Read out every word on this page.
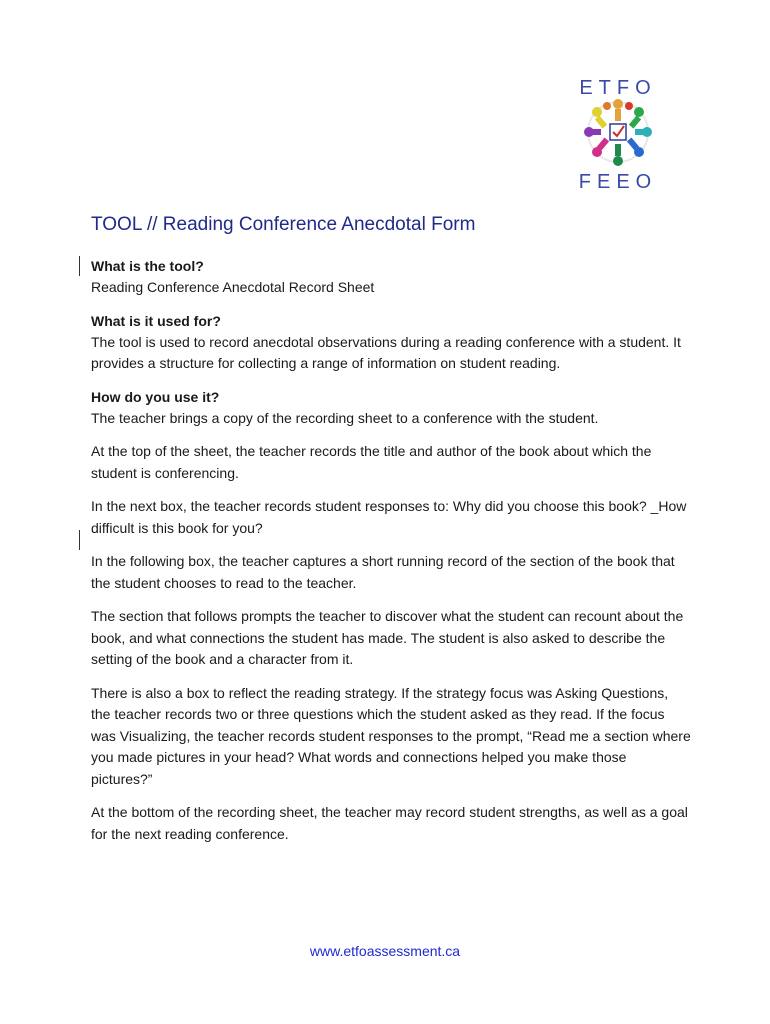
ETFO
FEEO
TOOL // Reading Conference Anecdotal Form
What is the tool?

Reading Conference Anecdotal Record Sheet

What is it used for?

The tool is used to record anecdotal observations during a reading conference with a student. It provides a structure for collecting a range of information on student reading.

How do you use it?

The teacher brings a copy of the recording sheet to a conference with the student.

At the top of the sheet, the teacher records the title and author of the book about which the student is conferencing.

In the next box, the teacher records student responses to: Why did you choose this book? _How difficult is this book for you?

In the following box, the teacher captures a short running record of the section of the book that the student chooses to read to the teacher.

The section that follows prompts the teacher to discover what the student can recount about the book, and what connections the student has made. The student is also asked to describe the setting of the book and a character from it.

There is also a box to reflect the reading strategy. If the strategy focus was Asking Questions, the teacher records two or three questions which the student asked as they read. If the focus was Visualizing, the teacher records student responses to the prompt, “Read me a section where you made pictures in your head? What words and connections helped you make those pictures?”

At the bottom of the recording sheet, the teacher may record student strengths, as well as a goal for the next reading conference.

www.etfoassessment.ca
